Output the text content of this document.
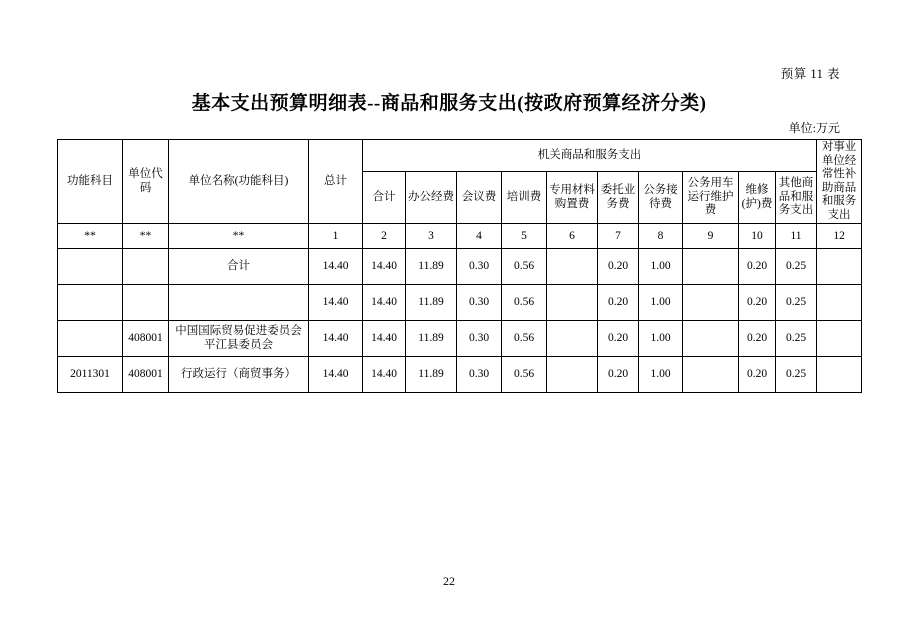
预算 11 表
基本支出预算明细表--商品和服务支出(按政府预算经济分类)
单位:万元
功能科目	单位代码	单位名称(功能科目)	总计	机关商品和服务支出										对事业单位经常性补助商品和服务支出
				合计	办公经费	会议费	培训费	专用材料购置费	委托业务费	公务接待费	公务用车运行维护费	维修(护)费	其他商品和服务支出	
**	**	**	1	2	3	4	5	6	7	8	9	10	11	12
		合计	14.40	14.40	11.89	0.30	0.56		0.20	1.00		0.20	0.25	
			14.40	14.40	11.89	0.30	0.56		0.20	1.00		0.20	0.25	
	408001	中国国际贸易促进委员会平江县委员会	14.40	14.40	11.89	0.30	0.56		0.20	1.00		0.20	0.25	
2011301	408001	行政运行（商贸事务）	14.40	14.40	11.89	0.30	0.56		0.20	1.00		0.20	0.25	
22
